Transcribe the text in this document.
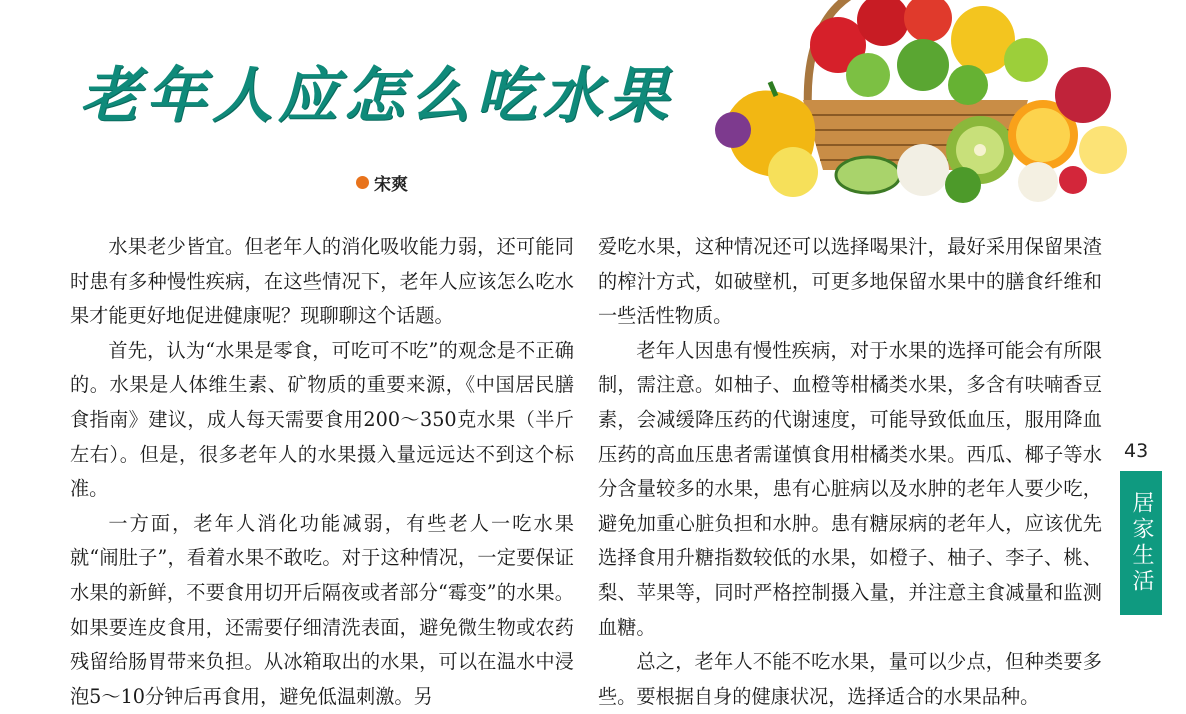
老年人应怎么吃水果
宋爽

水果老少皆宜。但老年人的消化吸收能力弱，还可能同时患有多种慢性疾病，在这些情况下，老年人应该怎么吃水果才能更好地促进健康呢？现聊聊这个话题。

首先，认为“水果是零食，可吃可不吃”的观念是不正确的。水果是人体维生素、矿物质的重要来源，《中国居民膳食指南》建议，成人每天需要食用200～350克水果（半斤左右）。但是，很多老年人的水果摄入量远远达不到这个标准。

一方面，老年人消化功能减弱，有些老人一吃水果就“闹肚子”，看着水果不敢吃。对于这种情况，一定要保证水果的新鲜，不要食用切开后隔夜或者部分“霉变”的水果。如果要连皮食用，还需要仔细清洗表面，避免微生物或农药残留给肠胃带来负担。从冰箱取出的水果，可以在温水中浸泡5～10分钟后再食用，避免低温刺激。另

爱吃水果，这种情况还可以选择喝果汁，最好采用保留果渣的榨汁方式，如破壁机，可更多地保留水果中的膳食纤维和一些活性物质。

老年人因患有慢性疾病，对于水果的选择可能会有所限制，需注意。如柚子、血橙等柑橘类水果，多含有呋喃香豆素，会减缓降压药的代谢速度，可能导致低血压，服用降血压药的高血压患者需谨慎食用柑橘类水果。西瓜、椰子等水分含量较多的水果，患有心脏病以及水肿的老年人要少吃，避免加重心脏负担和水肿。患有糖尿病的老年人，应该优先选择食用升糖指数较低的水果，如橙子、柚子、李子、桃、梨、苹果等，同时严格控制摄入量，并注意主食减量和监测血糖。

总之，老年人不能不吃水果，量可以少点，但种类要多些。要根据自身的健康状况，选择适合的水果品种。

43
居家生活
